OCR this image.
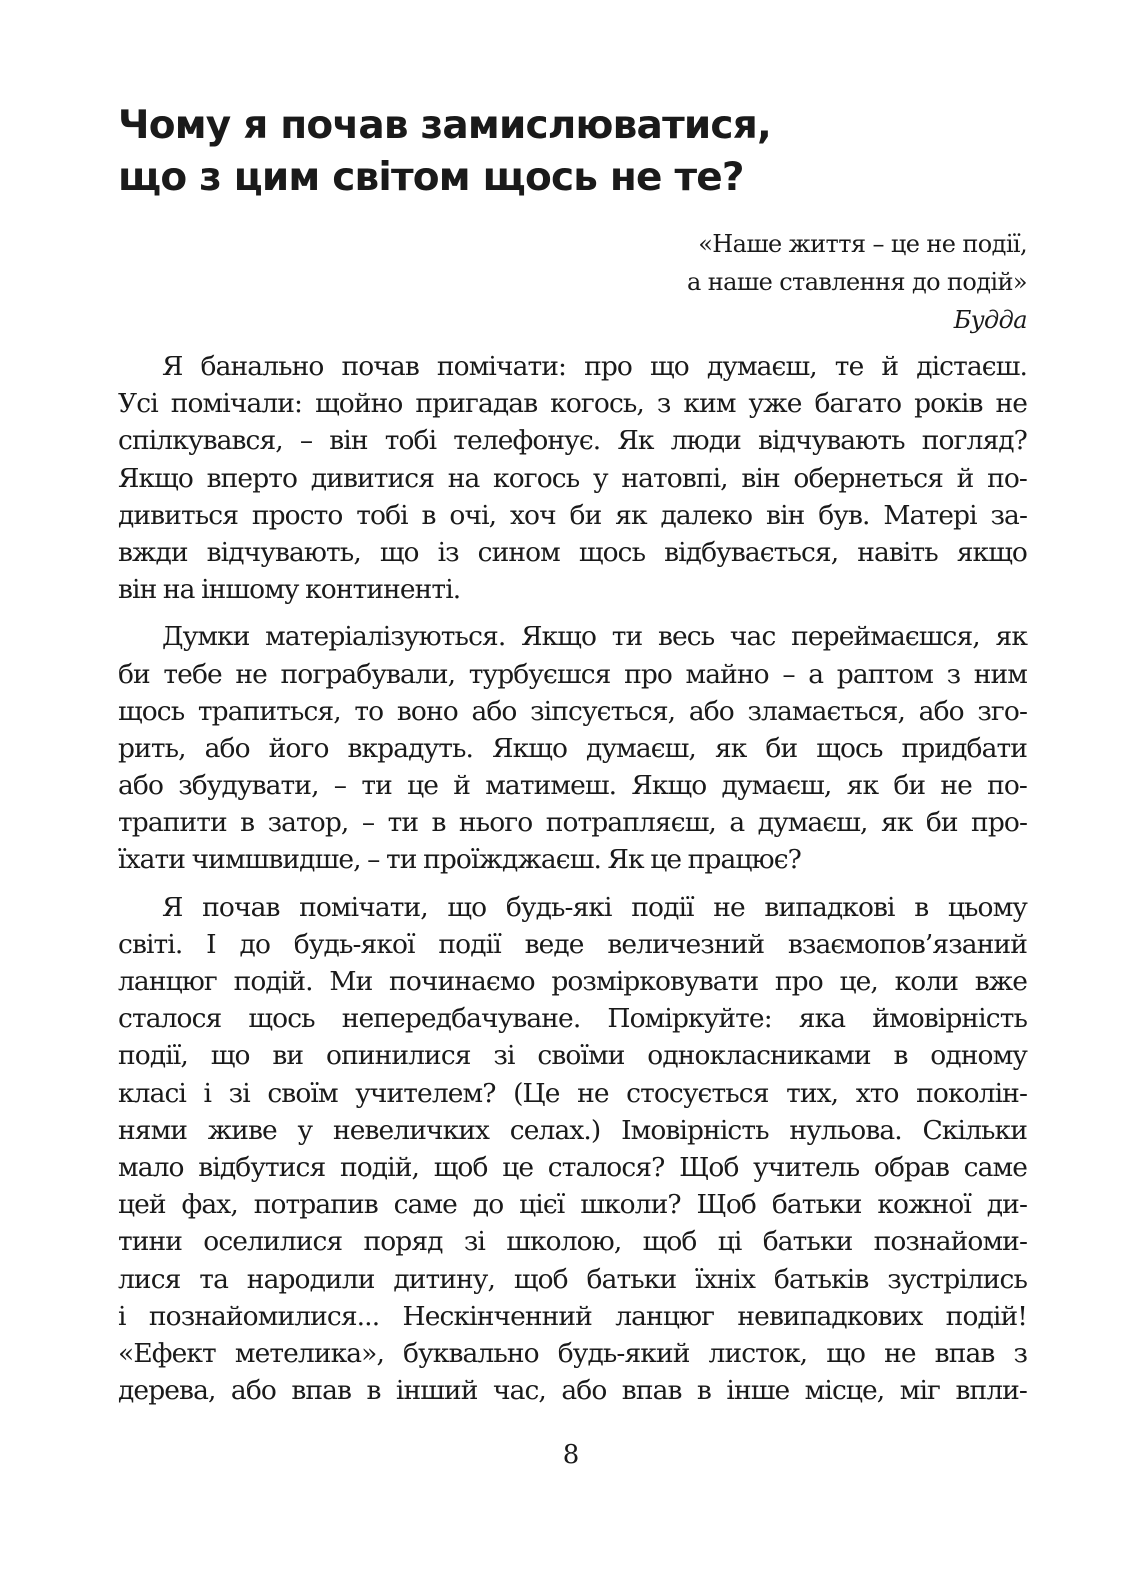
Чому я почав замислюватися,
що з цим світом щось не те?
«Наше життя – це не події,
а наше ставлення до подій»
Будда
Я банально почав помічати: про що думаєш, те й дістаєш.
Усі помічали: щойно пригадав когось, з ким уже багато років не
спілкувався, – він тобі телефонує. Як люди відчувають погляд?
Якщо вперто дивитися на когось у натовпі, він обернеться й по-
дивиться просто тобі в очі, хоч би як далеко він був. Матері за-
вжди відчувають, що із сином щось відбувається, навіть якщо
він на іншому континенті.
Думки матеріалізуються. Якщо ти весь час переймаєшся, як
би тебе не пограбували, турбуєшся про майно – а раптом з ним
щось трапиться, то воно або зіпсується, або зламається, або зго-
рить, або його вкрадуть. Якщо думаєш, як би щось придбати
або збудувати, – ти це й матимеш. Якщо думаєш, як би не по-
трапити в затор, – ти в нього потрапляєш, а думаєш, як би про-
їхати чимшвидше, – ти проїжджаєш. Як це працює?
Я почав помічати, що будь-які події не випадкові в цьому
світі. І до будь-якої події веде величезний взаємопов’язаний
ланцюг подій. Ми починаємо розмірковувати про це, коли вже
сталося щось непередбачуване. Поміркуйте: яка ймовірність
події, що ви опинилися зі своїми однокласниками в одному
класі і зі своїм учителем? (Це не стосується тих, хто поколін-
нями живе у невеличких селах.) Імовірність нульова. Скільки
мало відбутися подій, щоб це сталося? Щоб учитель обрав саме
цей фах, потрапив саме до цієї школи? Щоб батьки кожної ди-
тини оселилися поряд зі школою, щоб ці батьки познайоми-
лися та народили дитину, щоб батьки їхніх батьків зустрілись
і познайомилися... Нескінченний ланцюг невипадкових подій!
«Ефект метелика», буквально будь-який листок, що не впав з
дерева, або впав в інший час, або впав в інше місце, міг впли-
8
